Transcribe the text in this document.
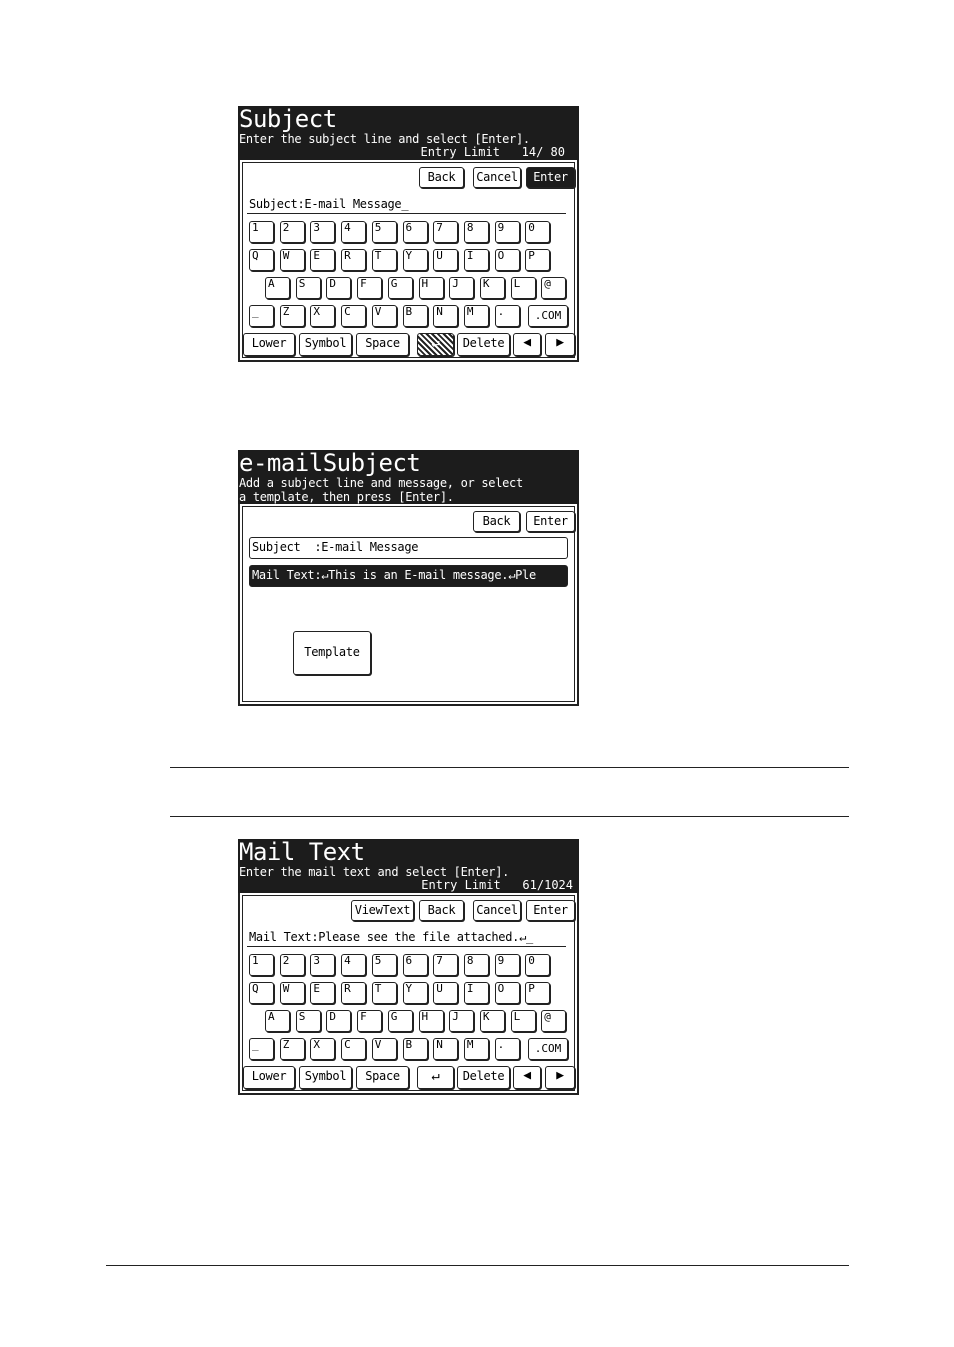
Subject
Enter the subject line and select [Enter].
Entry Limit 14/ 80
Back	Cancel	Enter
Subject:E-mail Message_
1	2	3	4	5	6	7	8	9	0
Q	W	E	R	T	Y	U	I	O	P
A	S	D	F	G	H	J	K	L	@
_	Z	X	C	V	B	N	M	.	.COM
Lower	Symbol	Space	↵	Delete	◀	▶
e-mailSubject
Add a subject line and message, or select
a template, then press [Enter].
Back	Enter
Subject  :E-mail Message
Mail Text:↵This is an E-mail message.↵Ple
Template
Mail Text
Enter the mail text and select [Enter].
Entry Limit 61/1024
ViewText	Back	Cancel	Enter
Mail Text:Please see the file attached.↵_
1	2	3	4	5	6	7	8	9	0
Q	W	E	R	T	Y	U	I	O	P
A	S	D	F	G	H	J	K	L	@
_	Z	X	C	V	B	N	M	.	.COM
Lower	Symbol	Space	↵	Delete	◀	▶
